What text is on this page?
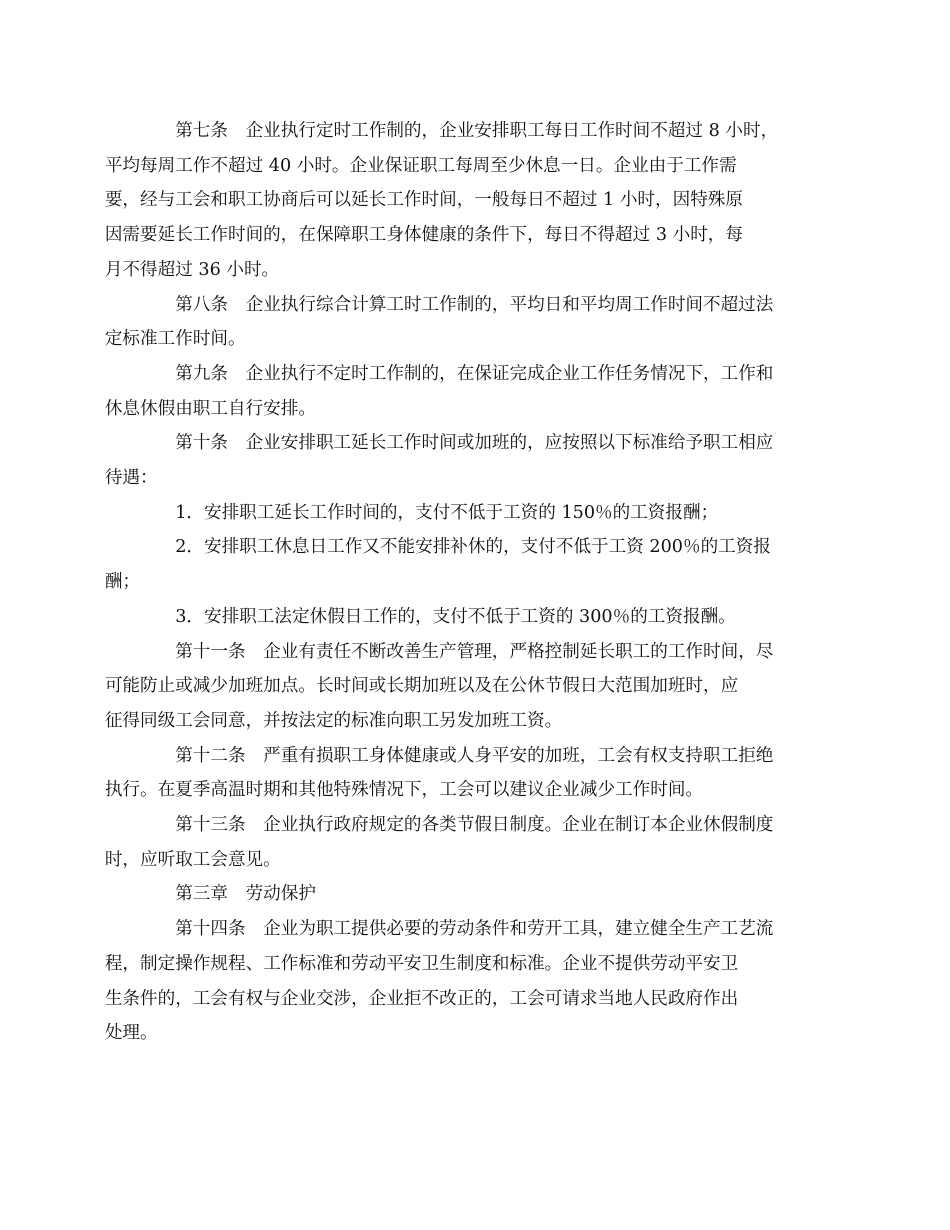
第七条　企业执行定时工作制的，企业安排职工每日工作时间不超过 8 小时，
平均每周工作不超过 40 小时。企业保证职工每周至少休息一日。企业由于工作需
要，经与工会和职工协商后可以延长工作时间，一般每日不超过 1 小时，因特殊原
因需要延长工作时间的，在保障职工身体健康的条件下，每日不得超过 3 小时，每
月不得超过 36 小时。

第八条　企业执行综合计算工时工作制的，平均日和平均周工作时间不超过法
定标准工作时间。

第九条　企业执行不定时工作制的，在保证完成企业工作任务情况下，工作和
休息休假由职工自行安排。

第十条　企业安排职工延长工作时间或加班的，应按照以下标准给予职工相应
待遇：

1．安排职工延长工作时间的，支付不低于工资的 150％的工资报酬；

2．安排职工休息日工作又不能安排补休的，支付不低于工资 200％的工资报
酬；

3．安排职工法定休假日工作的，支付不低于工资的 300％的工资报酬。

第十一条　企业有责任不断改善生产管理，严格控制延长职工的工作时间，尽
可能防止或减少加班加点。长时间或长期加班以及在公休节假日大范围加班时，应
征得同级工会同意，并按法定的标准向职工另发加班工资。

第十二条　严重有损职工身体健康或人身平安的加班，工会有权支持职工拒绝
执行。在夏季高温时期和其他特殊情况下，工会可以建议企业减少工作时间。

第十三条　企业执行政府规定的各类节假日制度。企业在制订本企业休假制度
时，应听取工会意见。

第三章　劳动保护

第十四条　企业为职工提供必要的劳动条件和劳开工具，建立健全生产工艺流
程，制定操作规程、工作标准和劳动平安卫生制度和标准。企业不提供劳动平安卫
生条件的，工会有权与企业交涉，企业拒不改正的，工会可请求当地人民政府作出
处理。
